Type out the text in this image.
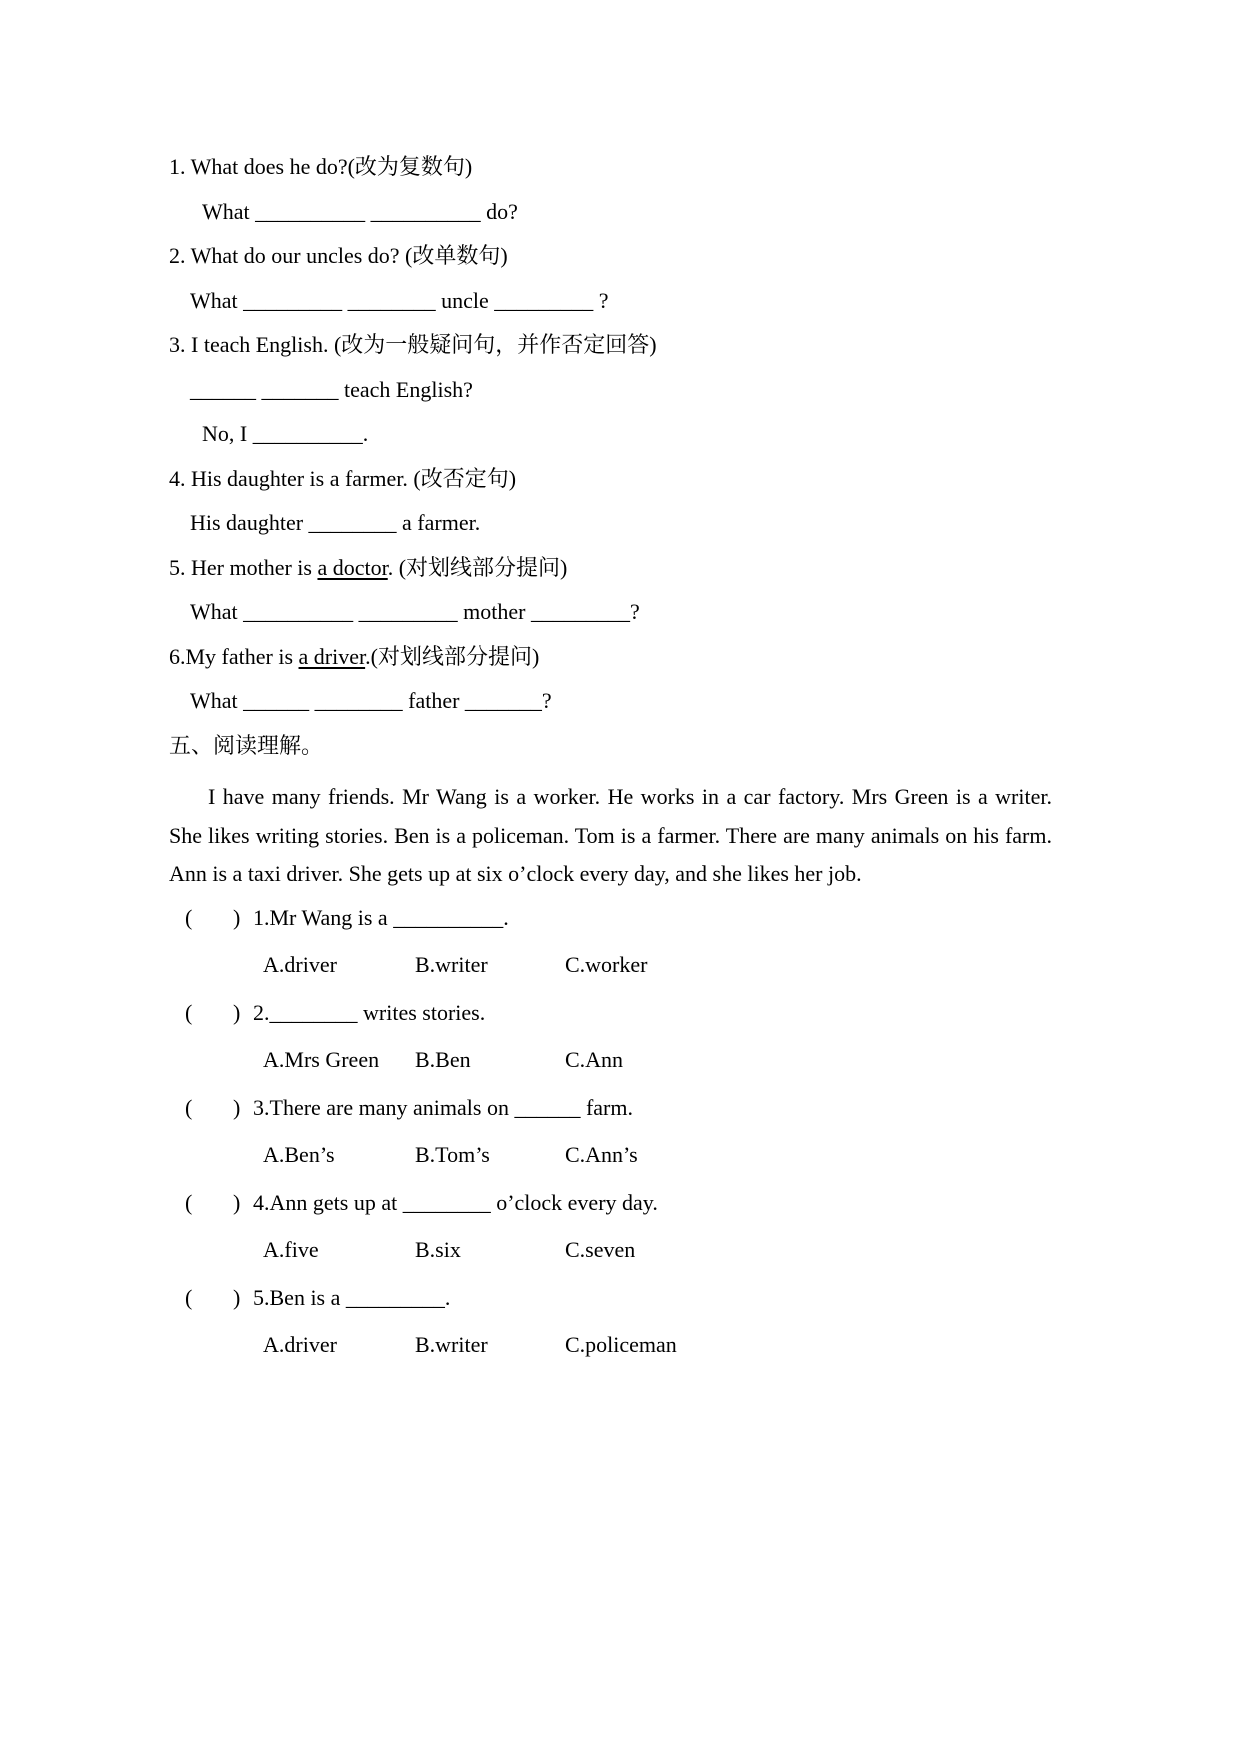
1. What does he do?(改为复数句)
What __________ __________ do?
2. What do our uncles do? (改单数句)
What _________ ________ uncle _________ ?
3. I teach English. (改为一般疑问句，并作否定回答)
______ _______ teach English?
No, I __________.
4. His daughter is a farmer. (改否定句)
His daughter ________ a farmer.
5. Her mother is a doctor. (对划线部分提问)
What __________ _________ mother _________?
6.My father is a driver.(对划线部分提问)
What ______ ________ father _______?
五、阅读理解。

I have many friends. Mr Wang is a worker. He works in a car factory. Mrs Green is a writer. She likes writing stories. Ben is a policeman. Tom is a farmer. There are many animals on his farm. Ann is a taxi driver. She gets up at six o’clock every day, and she likes her job.

( ) 1.Mr Wang is a __________.
A.driver	B.writer	C.worker
( ) 2.________ writes stories.
A.Mrs Green B.Ben	C.Ann
( ) 3.There are many animals on ______ farm.
A.Ben’s	B.Tom’s	C.Ann’s
( ) 4.Ann gets up at ________ o’clock every day.
A.five	B.six	C.seven
( ) 5.Ben is a _________.
A.driver	B.writer	C.policeman
